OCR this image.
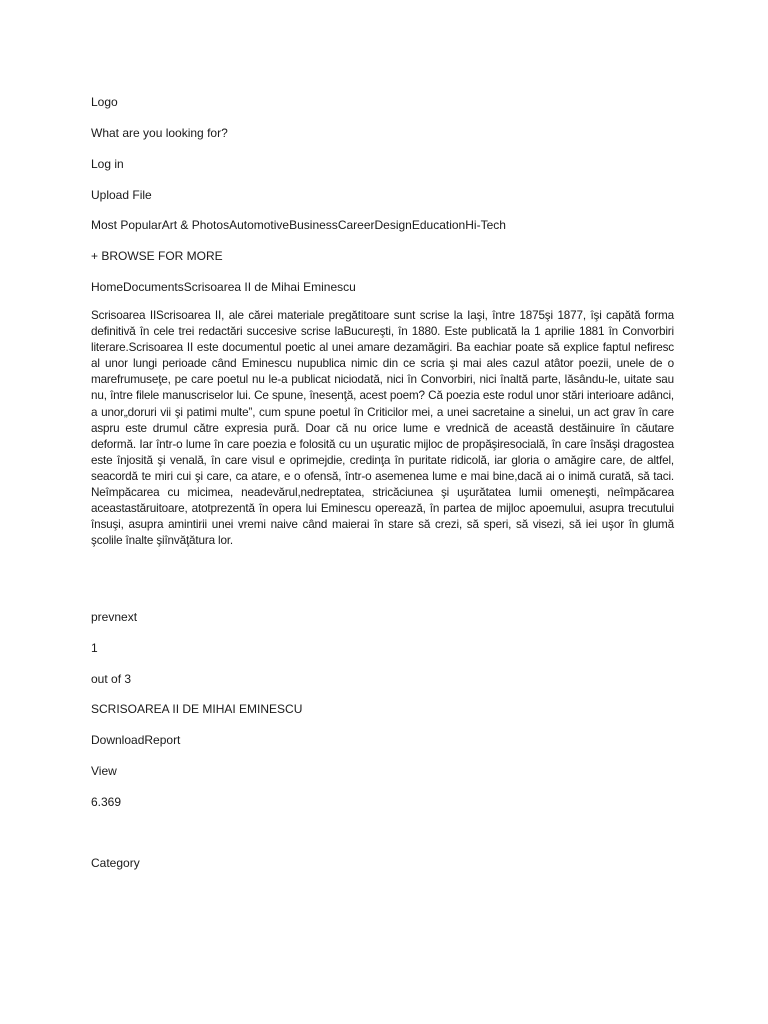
Logo
What are you looking for?
Log in
Upload File
Most PopularArt & PhotosAutomotiveBusinessCareerDesignEducationHi-Tech
+ BROWSE FOR MORE
HomeDocumentsScrisoarea II de Mihai Eminescu
Scrisoarea IIScrisoarea II, ale cărei materiale pregătitoare sunt scrise la Iaşi, între 1875şi 1877, îşi capătă forma definitivă în cele trei redactări succesive scrise laBucureşti, în 1880. Este publicată la 1 aprilie 1881 în Convorbiri literare.Scrisoarea II este documentul poetic al unei amare dezamăgiri. Ba eachiar poate să explice faptul nefiresc al unor lungi perioade când Eminescu nupublica nimic din ce scria şi mai ales cazul atâtor poezii, unele de o marefrumuseţe, pe care poetul nu le-a publicat niciodată, nici în Convorbiri, nici înaltă parte, lăsându-le, uitate sau nu, între filele manuscriselor lui. Ce spune, înesenţă, acest poem? Că poezia este rodul unor stări interioare adânci, a unor„doruri vii şi patimi multe”, cum spune poetul în Criticilor mei, a unei sacretaine a sinelui, un act grav în care aspru este drumul către expresia pură. Doar că nu orice lume e vrednică de această destăinuire în căutare deformă. Iar într-o lume în care poezia e folosită cu un uşuratic mijloc de propăşiresocială, în care însăşi dragostea este înjosită şi venală, în care visul e oprimejdie, credinţa în puritate ridicolă, iar gloria o amăgire care, de altfel, seacordă te miri cui şi care, ca atare, e o ofensă, într-o asemenea lume e mai bine,dacă ai o inimă curată, să taci. Neîmpăcarea cu micimea, neadevărul,nedreptatea, stricăciunea şi uşurătatea lumii omeneşti, neîmpăcarea aceastastăruitoare, atotprezentă în opera lui Eminescu operează, în partea de mijloc apoemului, asupra trecutului însuşi, asupra amintirii unei vremi naive când maierai în stare să crezi, să speri, să visezi, să iei uşor în glumă şcolile înalte şiînvăţătura lor.
prevnext
1
out of 3
SCRISOAREA II DE MIHAI EMINESCU
DownloadReport
View
6.369
Category
